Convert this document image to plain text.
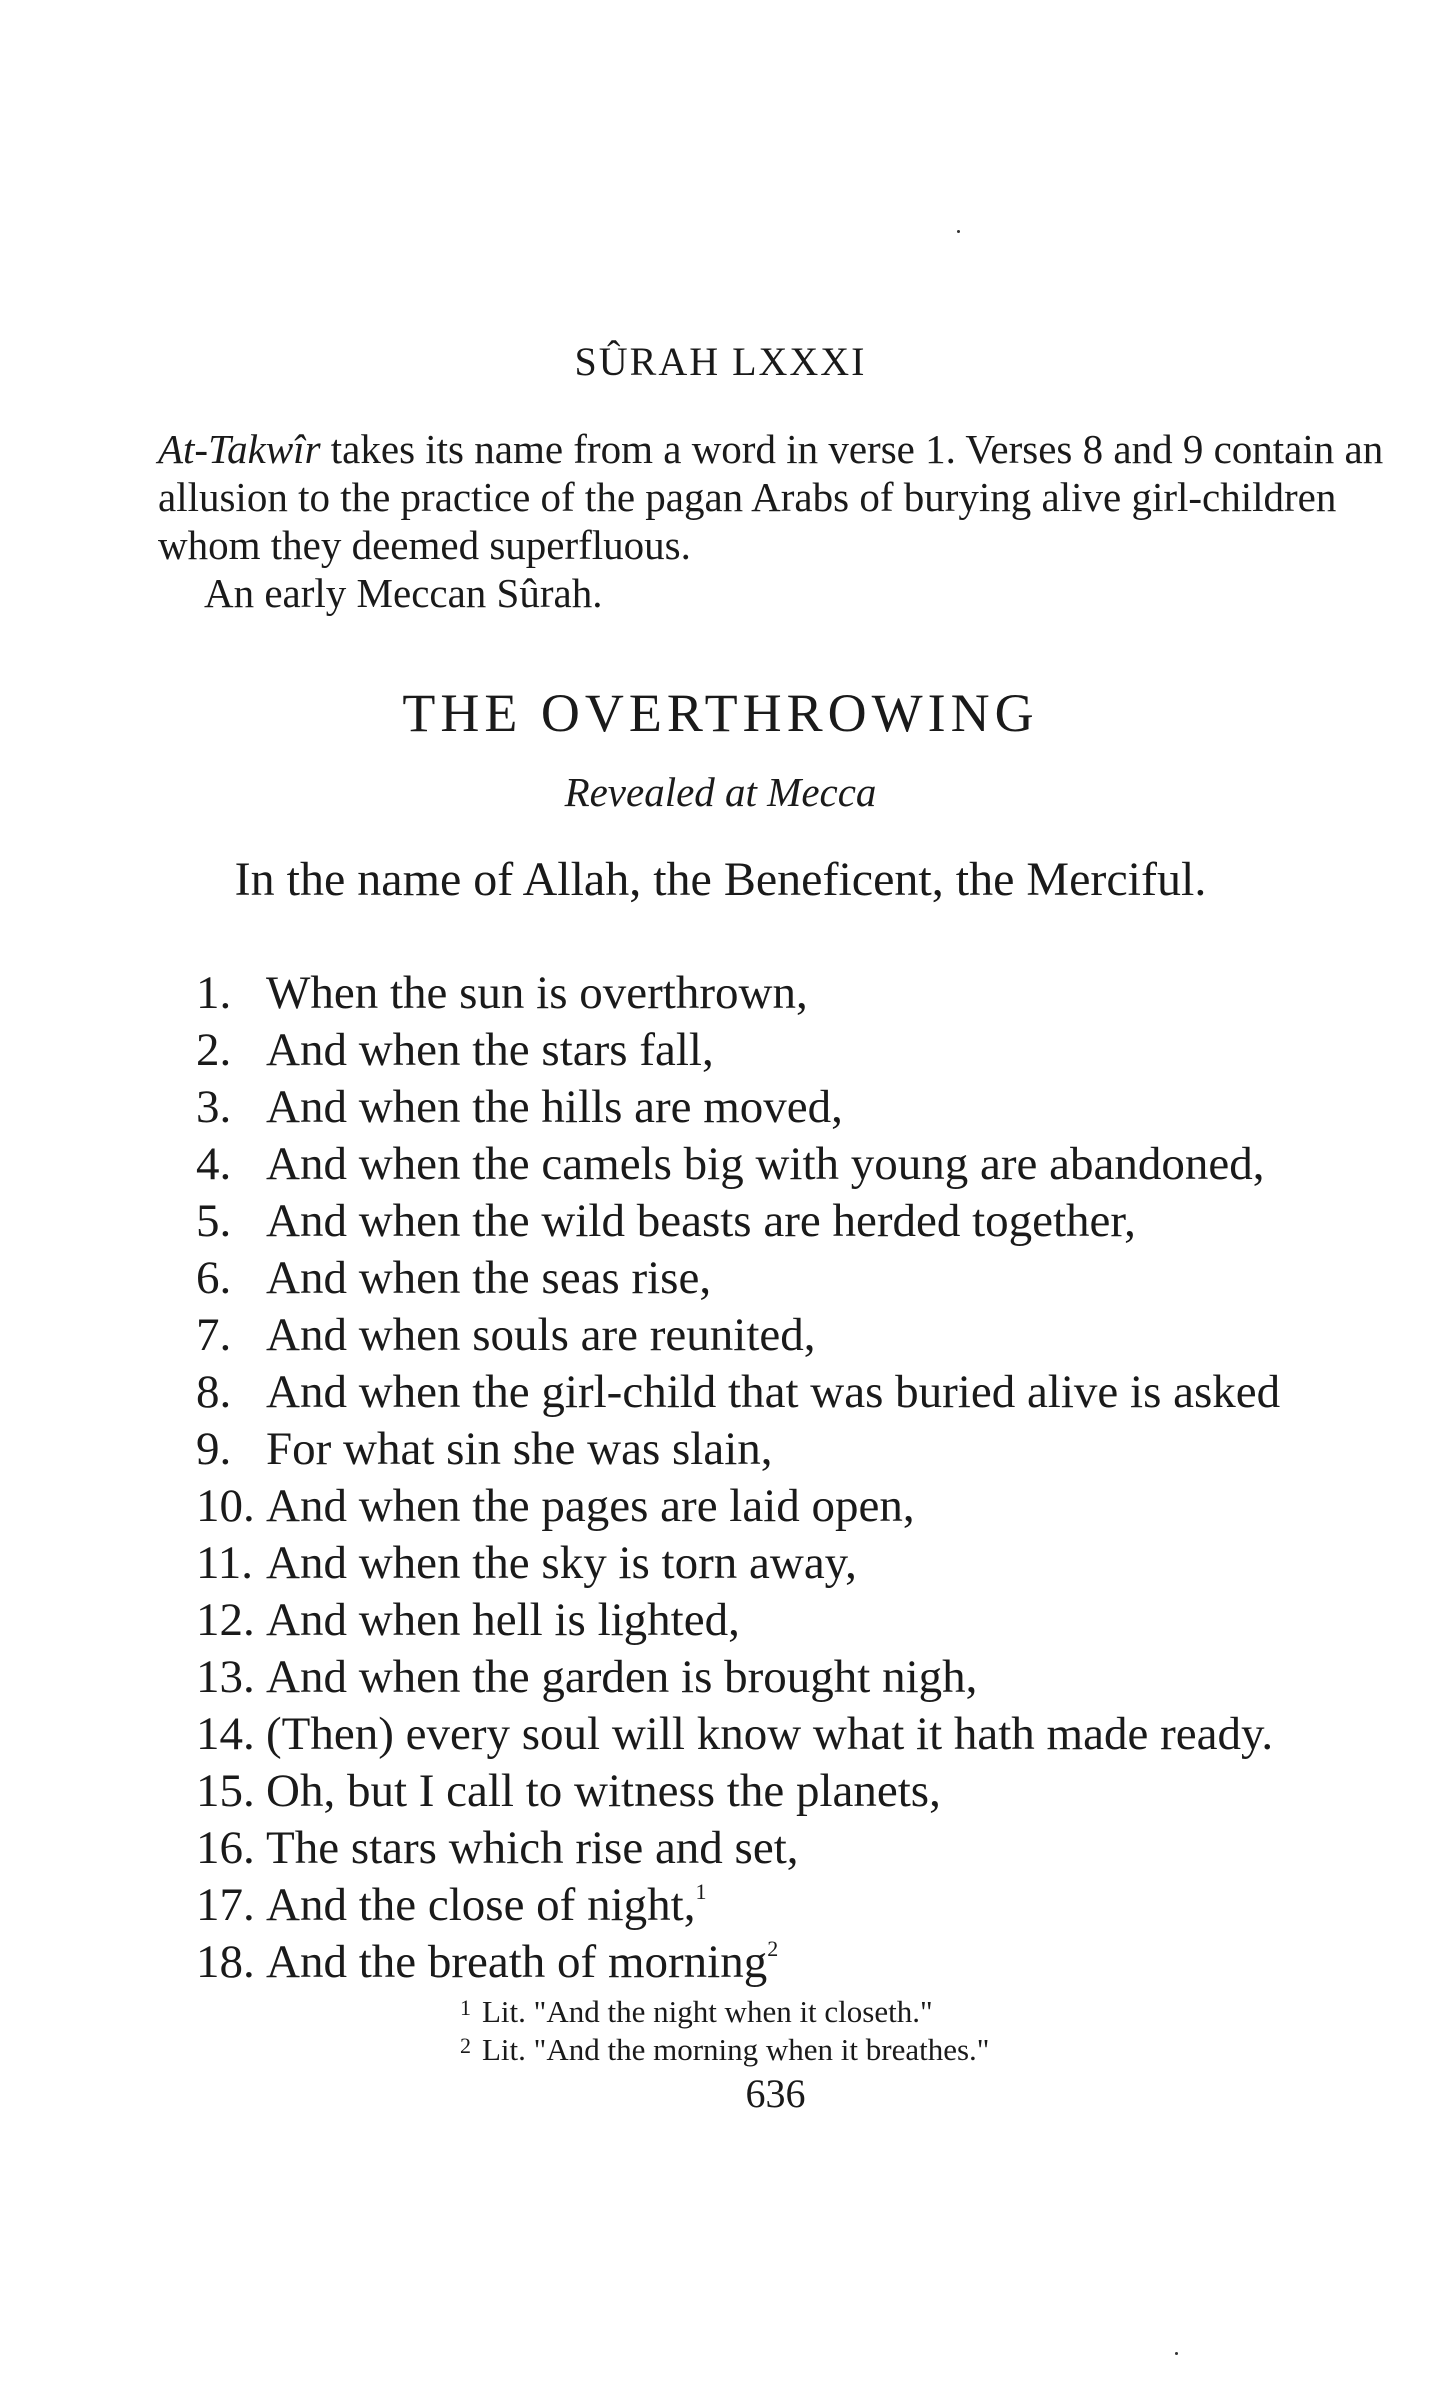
SÛRAH LXXXI

At-Takwîr takes its name from a word in verse 1. Verses 8 and 9 contain an allusion to the practice of the pagan Arabs of burying alive girl-children whom they deemed superfluous.

An early Meccan Sûrah.

THE OVERTHROWING
Revealed at Mecca
In the name of Allah, the Beneficent, the Merciful.
1. When the sun is overthrown,
2. And when the stars fall,
3. And when the hills are moved,
4. And when the camels big with young are abandoned,
5. And when the wild beasts are herded together,
6. And when the seas rise,
7. And when souls are reunited,
8. And when the girl-child that was buried alive is asked
9. For what sin she was slain,
10. And when the pages are laid open,
11. And when the sky is torn away,
12. And when hell is lighted,
13. And when the garden is brought nigh,
14. (Then) every soul will know what it hath made ready.
15. Oh, but I call to witness the planets,
16. The stars which rise and set,
17. And the close of night,$^1$
18. And the breath of morning$^2$
1 Lit. "And the night when it closeth."
2 Lit. "And the morning when it breathes."
636
